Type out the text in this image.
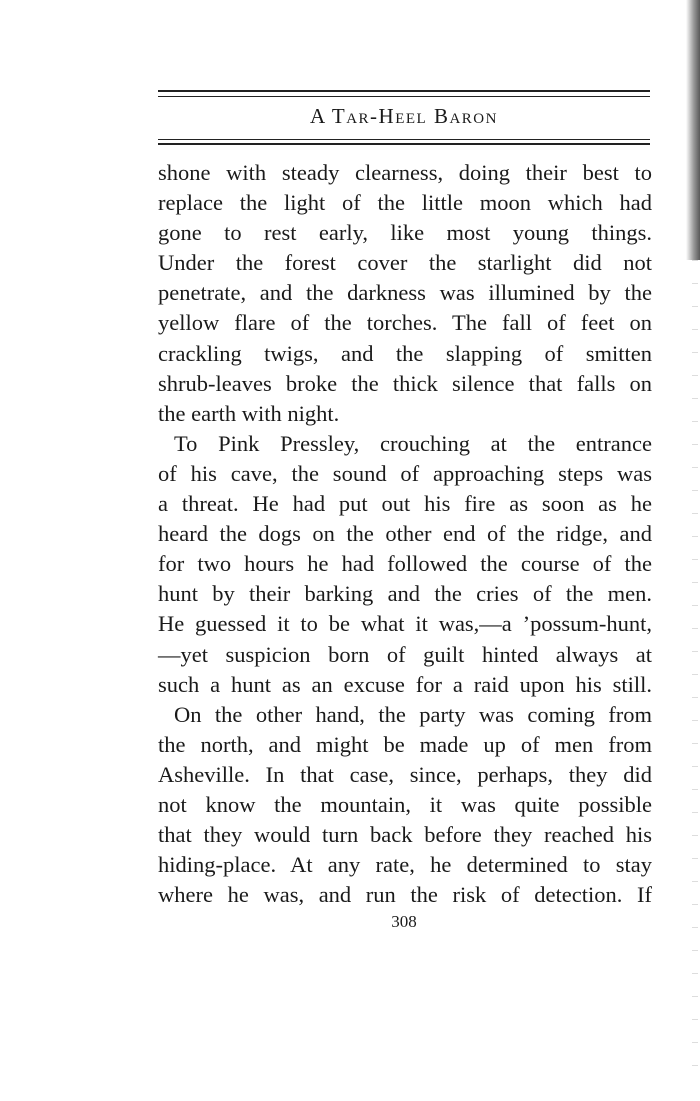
A Tar-Heel Baron
shone with steady clearness, doing their best to
replace the light of the little moon which had
gone to rest early, like most young things.
Under the forest cover the starlight did not
penetrate, and the darkness was illumined by the
yellow flare of the torches. The fall of feet on
crackling twigs, and the slapping of smitten
shrub-leaves broke the thick silence that falls on
the earth with night.
To Pink Pressley, crouching at the entrance
of his cave, the sound of approaching steps was
a threat. He had put out his fire as soon as he
heard the dogs on the other end of the ridge, and
for two hours he had followed the course of the
hunt by their barking and the cries of the men.
He guessed it to be what it was,—a ’possum-hunt,
—yet suspicion born of guilt hinted always at
such a hunt as an excuse for a raid upon his still.
On the other hand, the party was coming from
the north, and might be made up of men from
Asheville. In that case, since, perhaps, they did
not know the mountain, it was quite possible
that they would turn back before they reached his
hiding-place. At any rate, he determined to stay
where he was, and run the risk of detection. If
308
